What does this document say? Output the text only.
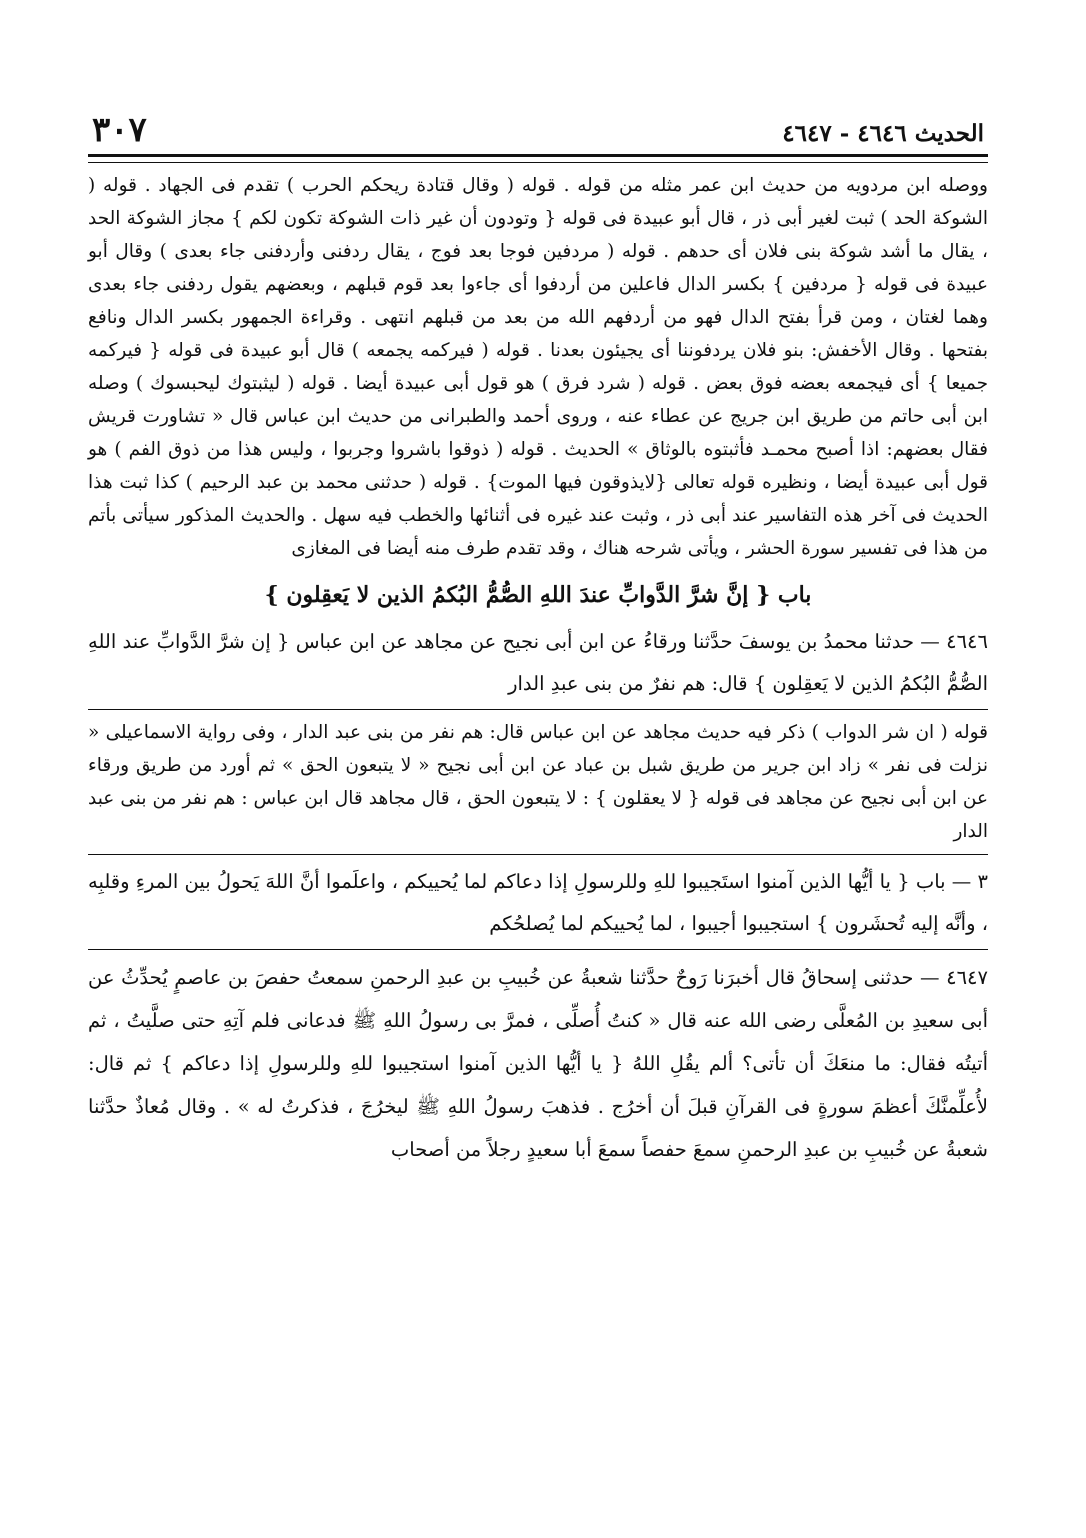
الحديث ٤٦٤٦ - ٤٦٤٧
٣٠٧

ووصله ابن مردويه من حديث ابن عمر مثله من قوله . قوله ( وقال قتادة ريحكم الحرب ) تقدم فى الجهاد . قوله ( الشوكة الحد ) ثبت لغير أبى ذر ، قال أبو عبيدة فى قوله { وتودون أن غير ذات الشوكة تكون لكم } مجاز الشوكة الحد ، يقال ما أشد شوكة بنى فلان أى حدهم . قوله ( مردفين فوجا بعد فوج ، يقال ردفنى وأردفنى جاء بعدى ) وقال أبو عبيدة فى قوله { مردفين } بكسر الدال فاعلين من أردفوا أى جاءوا بعد قوم قبلهم ، وبعضهم يقول ردفنى جاء بعدى وهما لغتان ، ومن قرأ بفتح الدال فهو من أردفهم الله من بعد من قبلهم انتهى . وقراءة الجمهور بكسر الدال ونافع بفتحها . وقال الأخفش: بنو فلان يردفوننا أى يجيئون بعدنا . قوله ( فيركمه يجمعه ) قال أبو عبيدة فى قوله { فيركمه جميعا } أى فيجمعه بعضه فوق بعض . قوله ( شرد فرق ) هو قول أبى عبيدة أيضا . قوله ( ليثبتوك ليحبسوك ) وصله ابن أبى حاتم من طريق ابن جريج عن عطاء عنه ، وروى أحمد والطبرانى من حديث ابن عباس قال « تشاورت قريش فقال بعضهم: اذا أصبح محمـد فأثبتوه بالوثاق » الحديث . قوله ( ذوقوا باشروا وجربوا ، وليس هذا من ذوق الفم ) هو قول أبى عبيدة أيضا ، ونظيره قوله تعالى {لايذوقون فيها الموت} . قوله ( حدثنى محمد بن عبد الرحيم ) كذا ثبت هذا الحديث فى آخر هذه التفاسير عند أبى ذر ، وثبت عند غيره فى أثنائها والخطب فيه سهل . والحديث المذكور سيأتى بأتم من هذا فى تفسير سورة الحشر ، ويأتى شرحه هناك ، وقد تقدم طرف منه أيضا فى المغازى

باب { إنَّ شرَّ الدَّوابِّ عندَ اللهِ الصُّمُّ البُكمُ الذين لا يَعقِلون }

٤٦٤٦ — حدثنا محمدُ بن يوسفَ حدَّثنا ورقاءُ عن ابن أبى نجيح عن مجاهد عن ابن عباس { إن شرَّ الدَّوابِّ عند اللهِ الصُّمُّ البُكمُ الذين لا يَعقِلون } قال: هم نفرٌ من بنى عبدِ الدار

قوله ( ان شر الدواب ) ذكر فيه حديث مجاهد عن ابن عباس قال: هم نفر من بنى عبد الدار ، وفى رواية الاسماعيلى « نزلت فى نفر » زاد ابن جرير من طريق شبل بن عباد عن ابن أبى نجيح « لا يتبعون الحق » ثم أورد من طريق ورقاء عن ابن أبى نجيح عن مجاهد فى قوله { لا يعقلون } : لا يتبعون الحق ، قال مجاهد قال ابن عباس : هم نفر من بنى عبد الدار

٣ — باب { يا أيُّها الذين آمنوا استَجيبوا للهِ وللرسولِ إذا دعاكم لما يُحييكم ، واعلَموا أنَّ اللهَ يَحولُ بين المرءِ وقلبِه ، وأنَّه إليه تُحشَرون } استجيبوا أجيبوا ، لما يُحييكم لما يُصلحُكم

٤٦٤٧ — حدثنى إسحاقُ قال أخبرَنا رَوحٌ حدَّثنا شعبةُ عن خُبيبِ بن عبدِ الرحمنِ سمعتُ حفصَ بن عاصمٍ يُحدِّثُ عن أبى سعيدِ بن المُعلَّى رضى الله عنه قال « كنتُ أُصلِّى ، فمرَّ بى رسولُ اللهِ ﷺ فدعانى فلم آتِهِ حتى صلَّيتُ ، ثم أتيتُه فقال: ما منعَكَ أن تأتى؟ ألم يقُلِ اللهُ { يا أيُّها الذين آمنوا استجيبوا للهِ وللرسولِ إذا دعاكم } ثم قال: لأُعلِّمنَّكَ أعظمَ سورةٍ فى القرآنِ قبلَ أن أخرُج . فذهبَ رسولُ اللهِ ﷺ ليخرُجَ ، فذكرتُ له » . وقال مُعاذٌ حدَّثنا شعبةُ عن خُبيبِ بن عبدِ الرحمنِ سمعَ حفصاً سمعَ أبا سعيدٍ رجلاً من أصحاب
